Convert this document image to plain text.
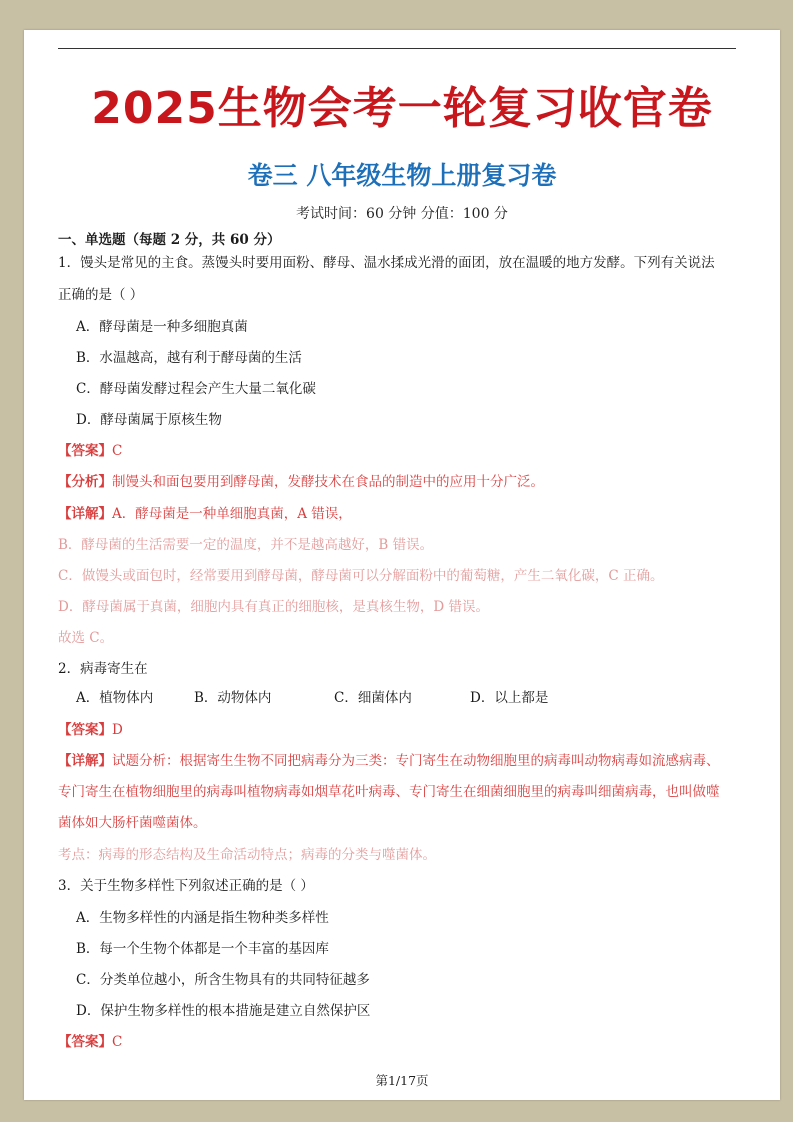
2025生物会考一轮复习收官卷
卷三 八年级生物上册复习卷
考试时间：60 分钟 分值：100 分
一、单选题（每题 2 分，共 60 分）
1．馒头是常见的主食。蒸馒头时要用面粉、酵母、温水揉成光滑的面团，放在温暖的地方发酵。下列有关说法
正确的是（ ）
A．酵母菌是一种多细胞真菌
B．水温越高，越有利于酵母菌的生活
C．酵母菌发酵过程会产生大量二氧化碳
D．酵母菌属于原核生物
【答案】C
【分析】制馒头和面包要用到酵母菌，发酵技术在食品的制造中的应用十分广泛。
【详解】A．酵母菌是一种单细胞真菌，A 错误，
B．酵母菌的生活需要一定的温度，并不是越高越好，B 错误。
C．做馒头或面包时，经常要用到酵母菌，酵母菌可以分解面粉中的葡萄糖，产生二氧化碳，C 正确。
D．酵母菌属于真菌，细胞内具有真正的细胞核，是真核生物，D 错误。
故选 C。
2．病毒寄生在
A．植物体内	B．动物体内	C．细菌体内	D．以上都是
【答案】D
【详解】试题分析：根据寄生生物不同把病毒分为三类：专门寄生在动物细胞里的病毒叫动物病毒如流感病毒、
专门寄生在植物细胞里的病毒叫植物病毒如烟草花叶病毒、专门寄生在细菌细胞里的病毒叫细菌病毒，也叫做噬
菌体如大肠杆菌噬菌体。
考点：病毒的形态结构及生命活动特点；病毒的分类与噬菌体。
3．关于生物多样性下列叙述正确的是（ ）
A．生物多样性的内涵是指生物种类多样性
B．每一个生物个体都是一个丰富的基因库
C．分类单位越小，所含生物具有的共同特征越多
D．保护生物多样性的根本措施是建立自然保护区
【答案】C
第1/17页
